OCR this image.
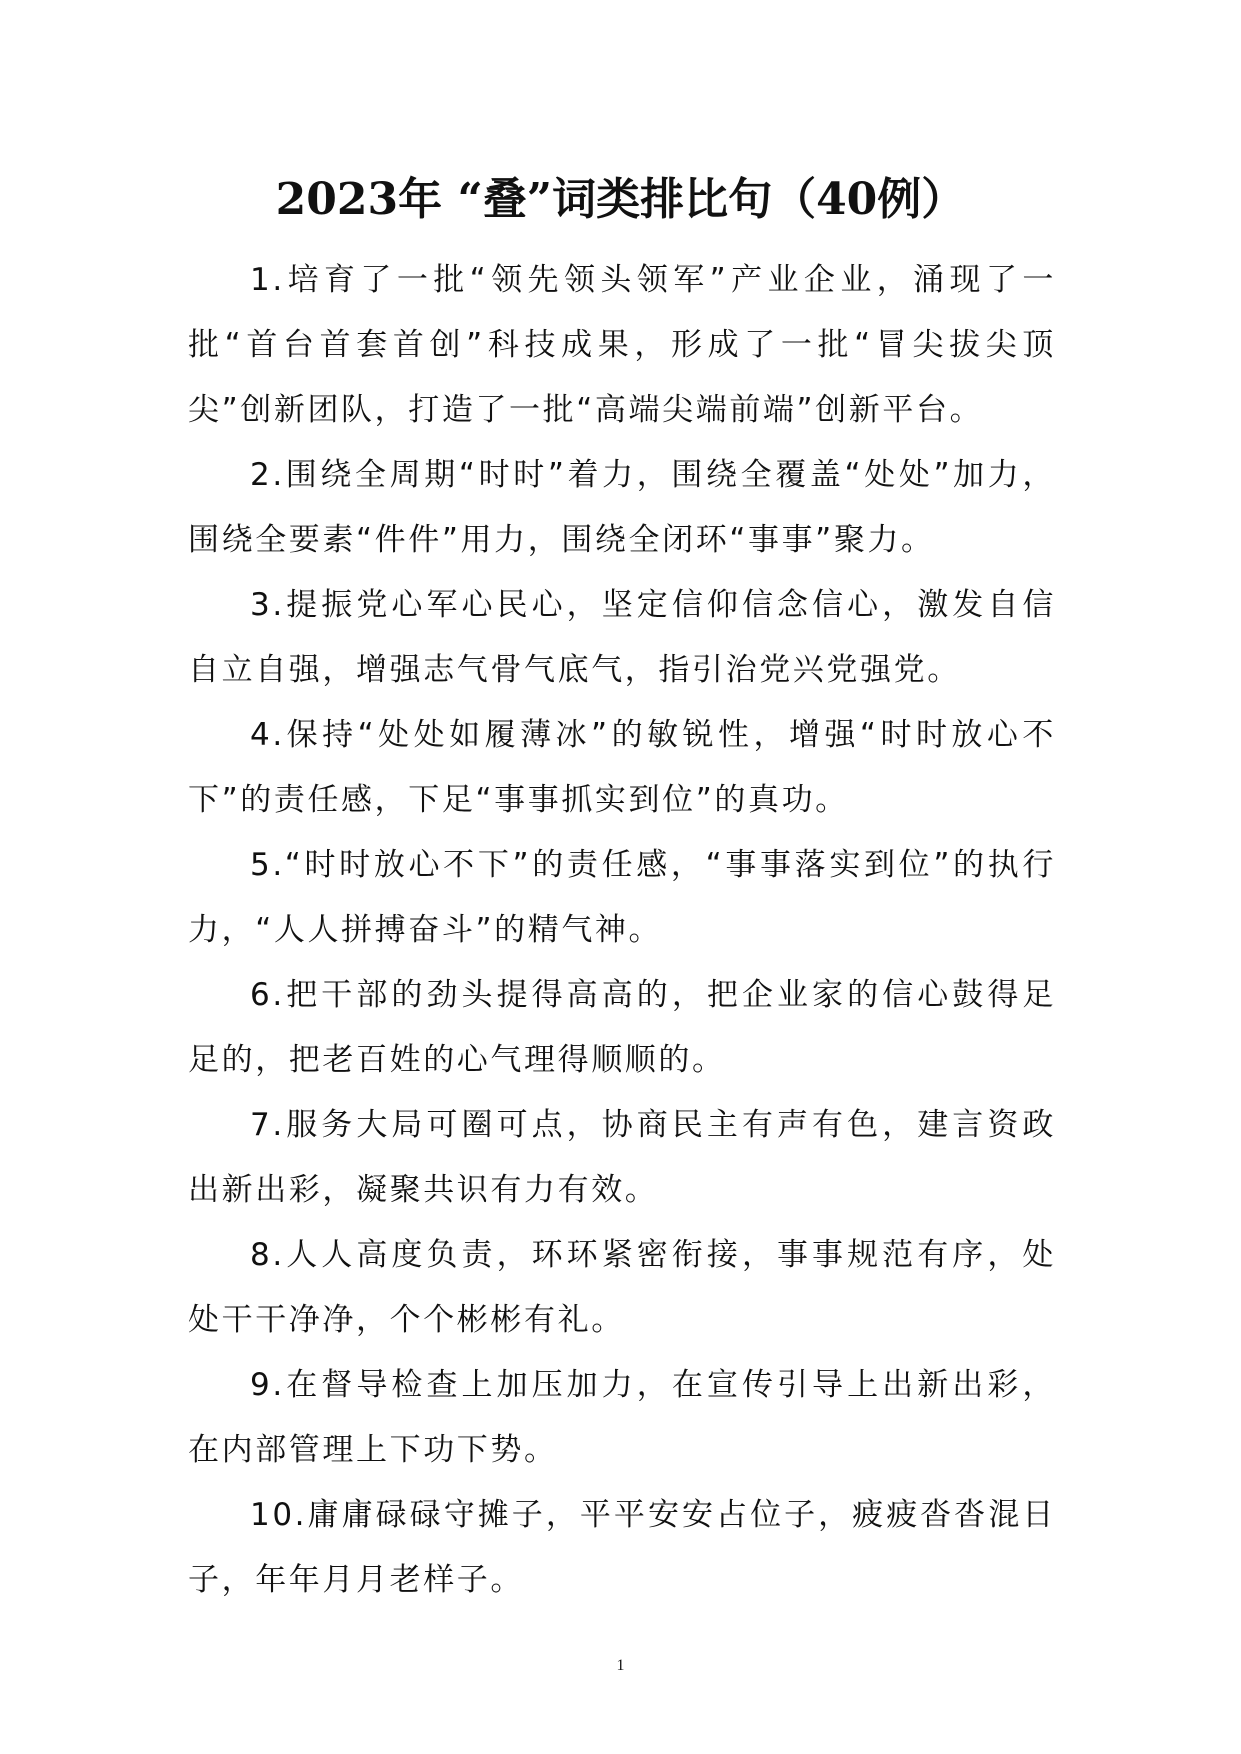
2023年 “叠”词类排比句（40例）

1.培育了一批“领先领头领军”产业企业，涌现了一批“首台首套首创”科技成果，形成了一批“冒尖拔尖顶尖”创新团队，打造了一批“高端尖端前端”创新平台。

2.围绕全周期“时时”着力，围绕全覆盖“处处”加力，围绕全要素“件件”用力，围绕全闭环“事事”聚力。

3.提振党心军心民心，坚定信仰信念信心，激发自信自立自强，增强志气骨气底气，指引治党兴党强党。

4.保持“处处如履薄冰”的敏锐性，增强“时时放心不下”的责任感，下足“事事抓实到位”的真功。

5.“时时放心不下”的责任感，“事事落实到位”的执行力，“人人拼搏奋斗”的精气神。

6.把干部的劲头提得高高的，把企业家的信心鼓得足足的，把老百姓的心气理得顺顺的。

7.服务大局可圈可点，协商民主有声有色，建言资政出新出彩，凝聚共识有力有效。

8.人人高度负责，环环紧密衔接，事事规范有序，处处干干净净，个个彬彬有礼。

9.在督导检查上加压加力，在宣传引导上出新出彩，在内部管理上下功下势。

10.庸庸碌碌守摊子，平平安安占位子，疲疲沓沓混日子，年年月月老样子。

1
